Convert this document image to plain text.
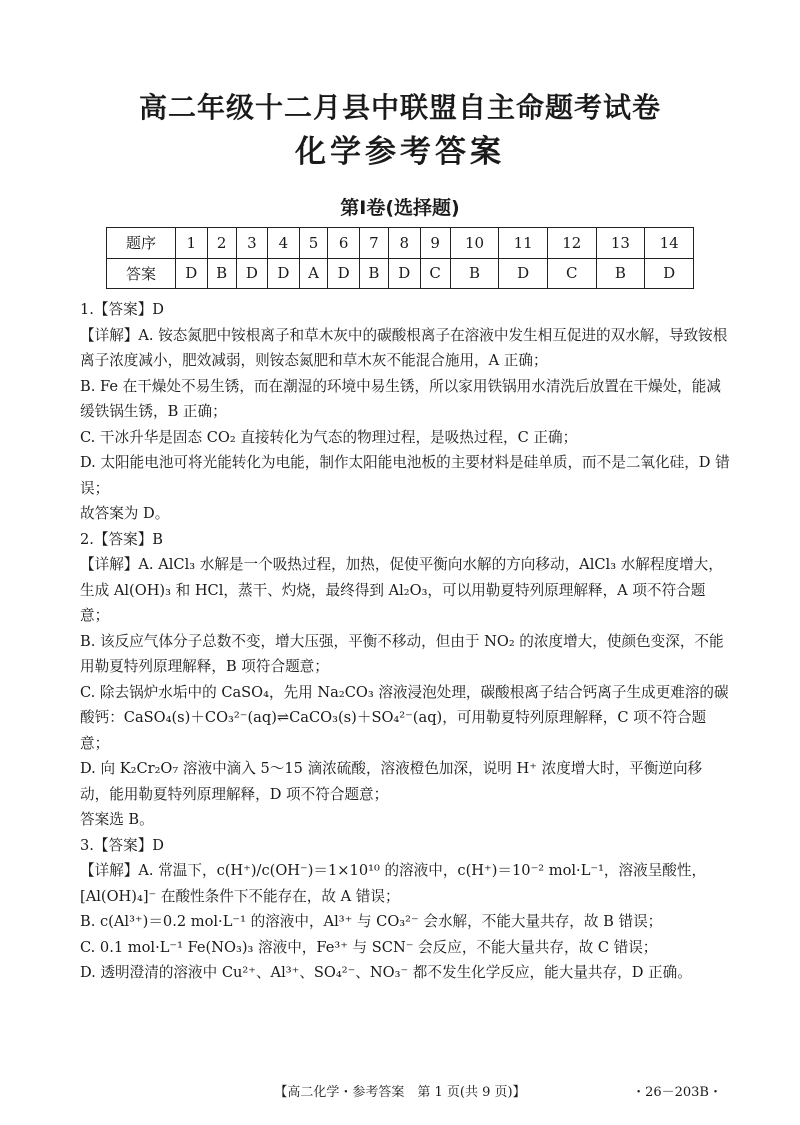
高二年级十二月县中联盟自主命题考试卷
化学参考答案
第Ⅰ卷(选择题)
题序	1	2	3	4	5	6	7	8	9	10	11	12	13	14
答案	D	B	D	D	A	D	B	D	C	B	D	C	B	D

1.【答案】D

【详解】A. 铵态氮肥中铵根离子和草木灰中的碳酸根离子在溶液中发生相互促进的双水解，导致铵根离子浓度减小，肥效减弱，则铵态氮肥和草木灰不能混合施用，A 正确；

B. Fe 在干燥处不易生锈，而在潮湿的环境中易生锈，所以家用铁锅用水清洗后放置在干燥处，能减缓铁锅生锈，B 正确；

C. 干冰升华是固态 CO₂ 直接转化为气态的物理过程，是吸热过程，C 正确；

D. 太阳能电池可将光能转化为电能，制作太阳能电池板的主要材料是硅单质，而不是二氧化硅，D 错误；

故答案为 D。

2.【答案】B

【详解】A. AlCl₃ 水解是一个吸热过程，加热，促使平衡向水解的方向移动，AlCl₃ 水解程度增大，生成 Al(OH)₃ 和 HCl，蒸干、灼烧，最终得到 Al₂O₃，可以用勒夏特列原理解释，A 项不符合题意；

B. 该反应气体分子总数不变，增大压强，平衡不移动，但由于 NO₂ 的浓度增大，使颜色变深，不能用勒夏特列原理解释，B 项符合题意；

C. 除去锅炉水垢中的 CaSO₄，先用 Na₂CO₃ 溶液浸泡处理，碳酸根离子结合钙离子生成更难溶的碳酸钙：CaSO₄(s)＋CO₃²⁻(aq)⇌CaCO₃(s)＋SO₄²⁻(aq)，可用勒夏特列原理解释，C 项不符合题意；

D. 向 K₂Cr₂O₇ 溶液中滴入 5～15 滴浓硫酸，溶液橙色加深，说明 H⁺ 浓度增大时，平衡逆向移动，能用勒夏特列原理解释，D 项不符合题意；

答案选 B。

3.【答案】D

【详解】A. 常温下，c(H⁺)/c(OH⁻)＝1×10¹⁰ 的溶液中，c(H⁺)＝10⁻² mol·L⁻¹，溶液呈酸性，[Al(OH)₄]⁻ 在酸性条件下不能存在，故 A 错误；

B. c(Al³⁺)＝0.2 mol·L⁻¹ 的溶液中，Al³⁺ 与 CO₃²⁻ 会水解，不能大量共存，故 B 错误；

C. 0.1 mol·L⁻¹ Fe(NO₃)₃ 溶液中，Fe³⁺ 与 SCN⁻ 会反应，不能大量共存，故 C 错误；

D. 透明澄清的溶液中 Cu²⁺、Al³⁺、SO₄²⁻、NO₃⁻ 都不发生化学反应，能大量共存，D 正确。

【高二化学・参考答案　第 1 页(共 9 页)】	・26－203B・
